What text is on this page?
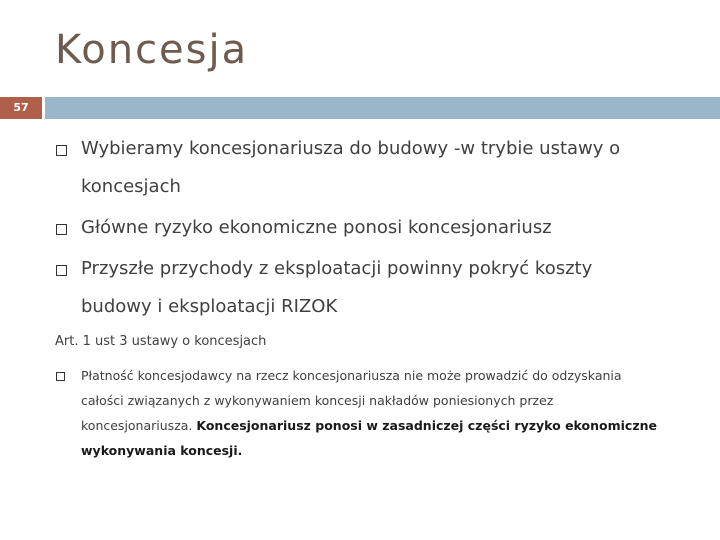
Koncesja
57
Wybieramy koncesjonariusza do budowy -w trybie ustawy o
koncesjach
Główne ryzyko ekonomiczne ponosi koncesjonariusz
Przyszłe przychody z eksploatacji powinny pokryć koszty
budowy i eksploatacji RIZOK
Art. 1 ust 3 ustawy o koncesjach
Płatność koncesjodawcy na rzecz koncesjonariusza nie może prowadzić do odzyskania
całości związanych z wykonywaniem koncesji nakładów poniesionych przez
koncesjonariusza. Koncesjonariusz ponosi w zasadniczej części ryzyko ekonomiczne
wykonywania koncesji.
